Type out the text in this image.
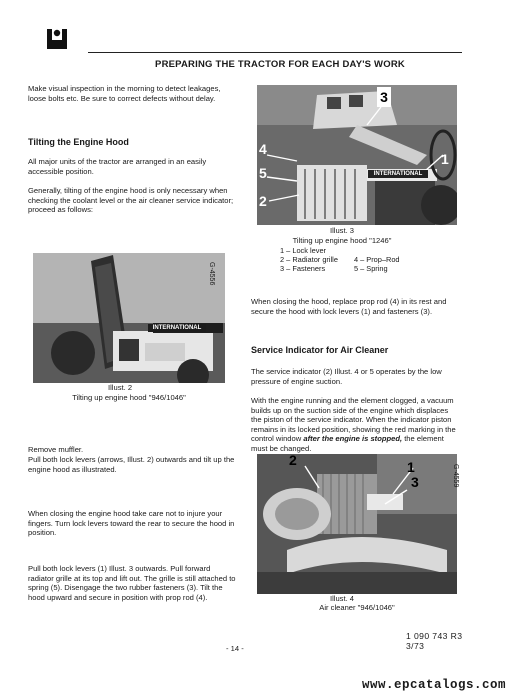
PREPARING THE TRACTOR FOR EACH DAY'S WORK
Make visual inspection in the morning to detect leakages, loose bolts etc. Be sure to correct defects without delay.
Tilting the Engine Hood
All major units of the tractor are arranged in an easily accessible position.
Generally, tilting of the engine hood is only necessary when checking the coolant level or the air cleaner service indicator; proceed as follows:
INTERNATIONAL
G-4556
Illust. 2
Tilting up engine hood "946/1046"
Remove muffler.
Pull both lock levers (arrows, Illust. 2) outwards and tilt up the engine hood as illustrated.
When closing the engine hood take care not to injure your fingers. Turn lock levers toward the rear to secure the hood in position.
Pull both lock levers (1) Illust. 3 outwards. Pull forward radiator grille at its top and lift out. The grille is still attached to spring (5). Disengage the two rubber fasteners (3). Tilt the hood upward and secure in position with prop rod (4).
3
4
5
2
1
INTERNATIONAL
Illust. 3
Tilting up engine hood "1246"
1 – Lock lever	
2 – Radiator grille	4 – Prop–Rod
3 – Fasteners	5 – Spring
When closing the hood, replace prop rod (4) in its rest and secure the hood with lock levers (1) and fasteners (3).
Service Indicator for Air Cleaner
The service indicator (2) Illust. 4 or 5 operates by the low pressure of engine suction.
With the engine running and the element clogged, a vacuum builds up on the suction side of the engine which displaces the piston of the service indicator. When the indicator piston remains in its locked position, showing the red marking in the control window after the engine is stopped, the element must be changed.
2	1
3	G-4559
Illust. 4
Air cleaner "946/1046"
1 090 743 R3
3/73
- 14 -
www.epcatalogs.com
